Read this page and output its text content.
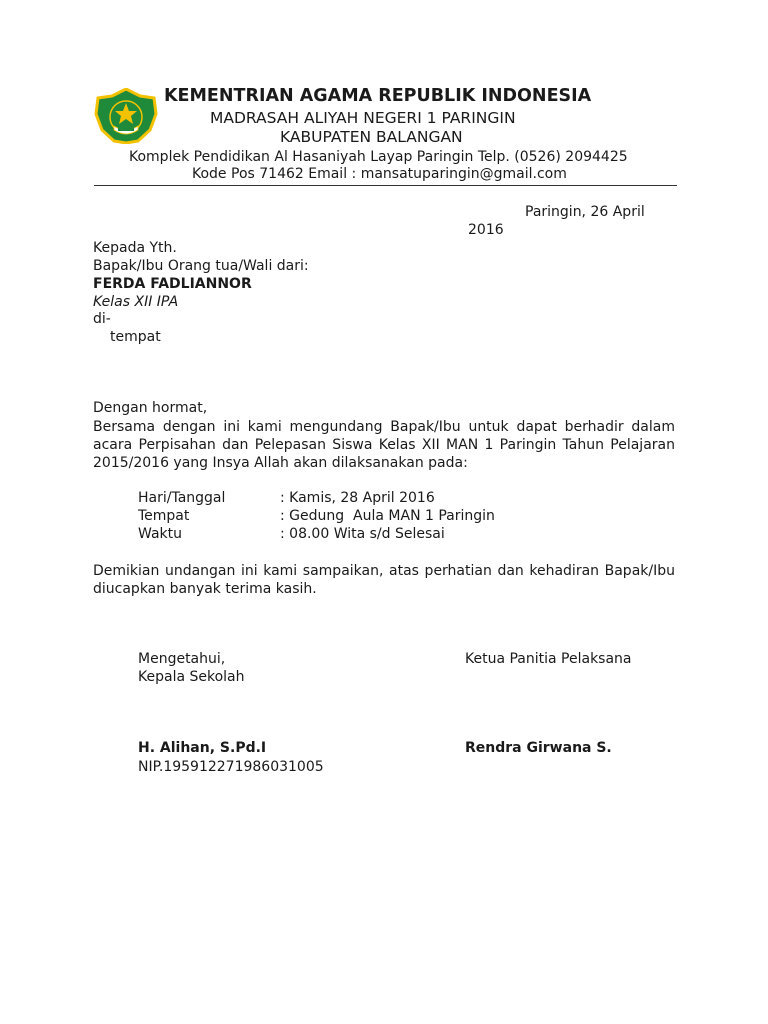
KEMENTRIAN AGAMA REPUBLIK INDONESIA
MADRASAH ALIYAH NEGERI 1 PARINGIN
KABUPATEN BALANGAN
Komplek Pendidikan Al Hasaniyah Layap Paringin Telp. (0526) 2094425
Kode Pos 71462 Email : mansatuparingin@gmail.com
Paringin, 26 April
2016
Kepada Yth.
Bapak/Ibu Orang tua/Wali dari:
FERDA FADLIANNOR
Kelas XII IPA
di-
tempat
Dengan hormat,
Bersama dengan ini kami mengundang Bapak/Ibu untuk dapat berhadir dalam
acara Perpisahan dan Pelepasan Siswa Kelas XII MAN 1 Paringin Tahun Pelajaran
2015/2016 yang Insya Allah akan dilaksanakan pada:
Hari/Tanggal	: Kamis, 28 April 2016
Tempat	: Gedung  Aula MAN 1 Paringin
Waktu	: 08.00 Wita s/d Selesai
Demikian undangan ini kami sampaikan, atas perhatian dan kehadiran Bapak/Ibu
diucapkan banyak terima kasih.
Mengetahui,
Kepala Sekolah
Ketua Panitia Pelaksana
H. Alihan, S.Pd.I	Rendra Girwana S.
NIP.195912271986031005
